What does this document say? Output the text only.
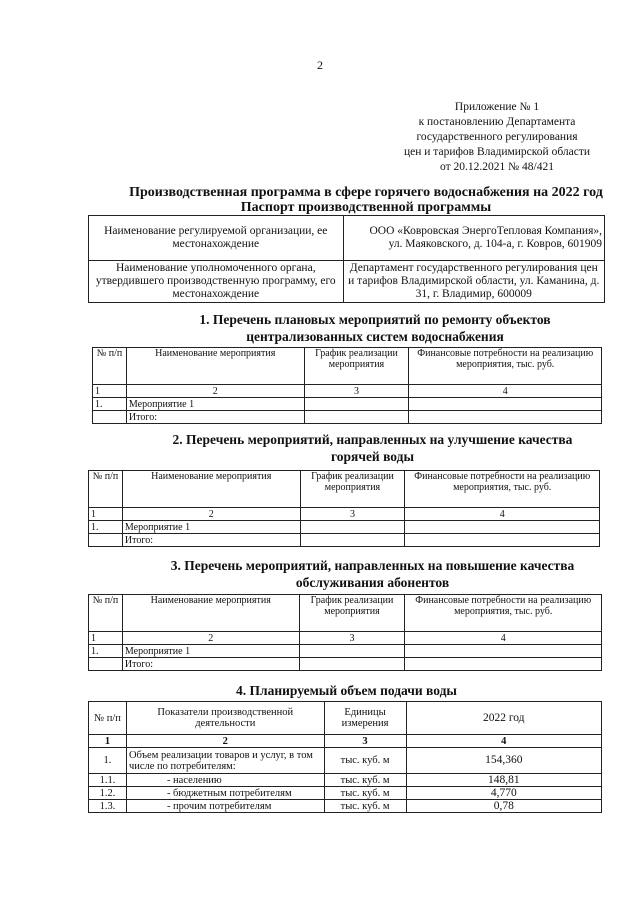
2
Приложение № 1
к постановлению Департамента
государственного регулирования
цен и тарифов Владимирской области
от 20.12.2021 № 48/421
Производственная программа в сфере горячего водоснабжения на 2022 год
Паспорт производственной программы
Наименование регулируемой организации, ее местонахождение	ООО «Ковровская ЭнергоТепловая Компания»,
ул. Маяковского, д. 104-а, г. Ковров, 601909

Наименование уполномоченного органа, утвердившего производственную программу, его местонахождение	Департамент государственного регулирования цен и тарифов Владимирской области, ул. Каманина, д. 31, г. Владимир, 600009
1. Перечень плановых мероприятий по ремонту объектов
централизованных систем водоснабжения
№ п/п	Наименование мероприятия	График реализации мероприятия	Финансовые потребности на реализацию мероприятия, тыс. руб.
1	2	3	4
1.	Мероприятие 1		
	Итого:		
2. Перечень мероприятий, направленных на улучшение качества
горячей воды
№ п/п	Наименование мероприятия	График реализации мероприятия	Финансовые потребности на реализацию мероприятия, тыс. руб.
1	2	3	4
1.	Мероприятие 1		
	Итого:		
3. Перечень мероприятий, направленных на повышение качества
обслуживания абонентов
№ п/п	Наименование мероприятия	График реализации мероприятия	Финансовые потребности на реализацию мероприятия, тыс. руб.
1	2	3	4
1.	Мероприятие 1		
	Итого:		
4. Планируемый объем подачи воды
№ п/п	Показатели производственной деятельности	Единицы измерения	2022 год
1	2	3	4
1.	Объем реализации товаров и услуг, в том числе по потребителям:	тыс. куб. м	154,360
1.1.	- населению	тыс. куб. м	148,81
1.2.	- бюджетным потребителям	тыс. куб. м	4,770
1.3.	- прочим потребителям	тыс. куб. м	0,78
